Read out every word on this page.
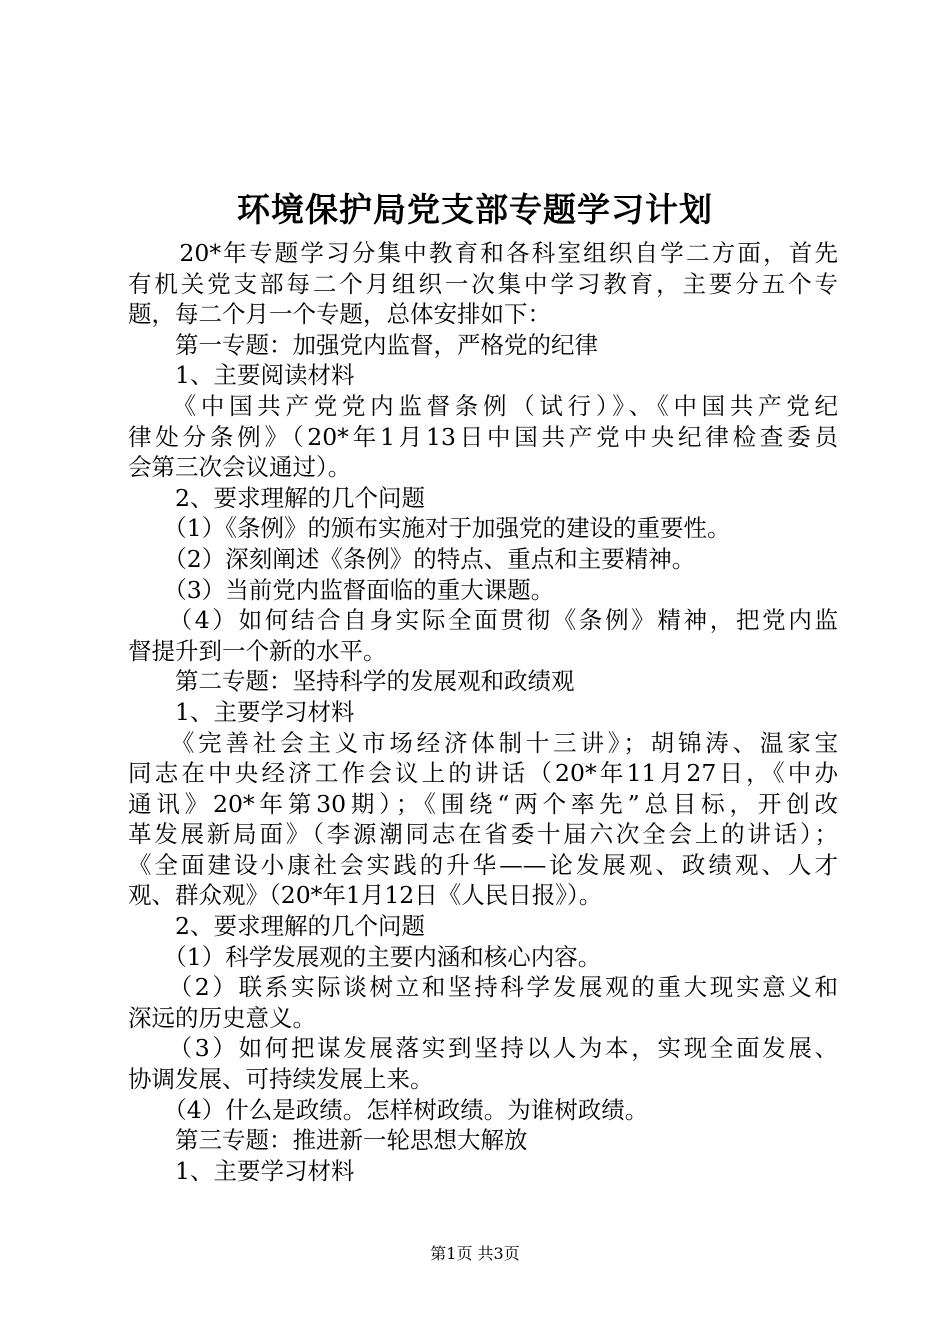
环境保护局党支部专题学习计划
　　20*年专题学习分集中教育和各科室组织自学二方面，首先
有机关党支部每二个月组织一次集中学习教育，主要分五个专
题，每二个月一个专题，总体安排如下：
　　第一专题：加强党内监督，严格党的纪律
　　1、主要阅读材料
　　《中国共产党党内监督条例（试行）》、《中国共产党纪
律处分条例》（20*年1月13日中国共产党中央纪律检查委员
会第三次会议通过）。
　　2、要求理解的几个问题
　　（1）《条例》的颁布实施对于加强党的建设的重要性。
　　（2）深刻阐述《条例》的特点、重点和主要精神。
　　（3）当前党内监督面临的重大课题。
　　（4）如何结合自身实际全面贯彻《条例》精神，把党内监
督提升到一个新的水平。
　　第二专题：坚持科学的发展观和政绩观
　　1、主要学习材料
　　《完善社会主义市场经济体制十三讲》；胡锦涛、温家宝
同志在中央经济工作会议上的讲话（20*年11月27日，《中办
通讯》20*年第30期）；《围绕“两个率先”总目标，开创改
革发展新局面》（李源潮同志在省委十届六次全会上的讲话）；
《全面建设小康社会实践的升华——论发展观、政绩观、人才
观、群众观》（20*年1月12日《人民日报》）。
　　2、要求理解的几个问题
　　（1）科学发展观的主要内涵和核心内容。
　　（2）联系实际谈树立和坚持科学发展观的重大现实意义和
深远的历史意义。
　　（3）如何把谋发展落实到坚持以人为本，实现全面发展、
协调发展、可持续发展上来。
　　（4）什么是政绩。怎样树政绩。为谁树政绩。
　　第三专题：推进新一轮思想大解放
　　1、主要学习材料
第1页 共3页
